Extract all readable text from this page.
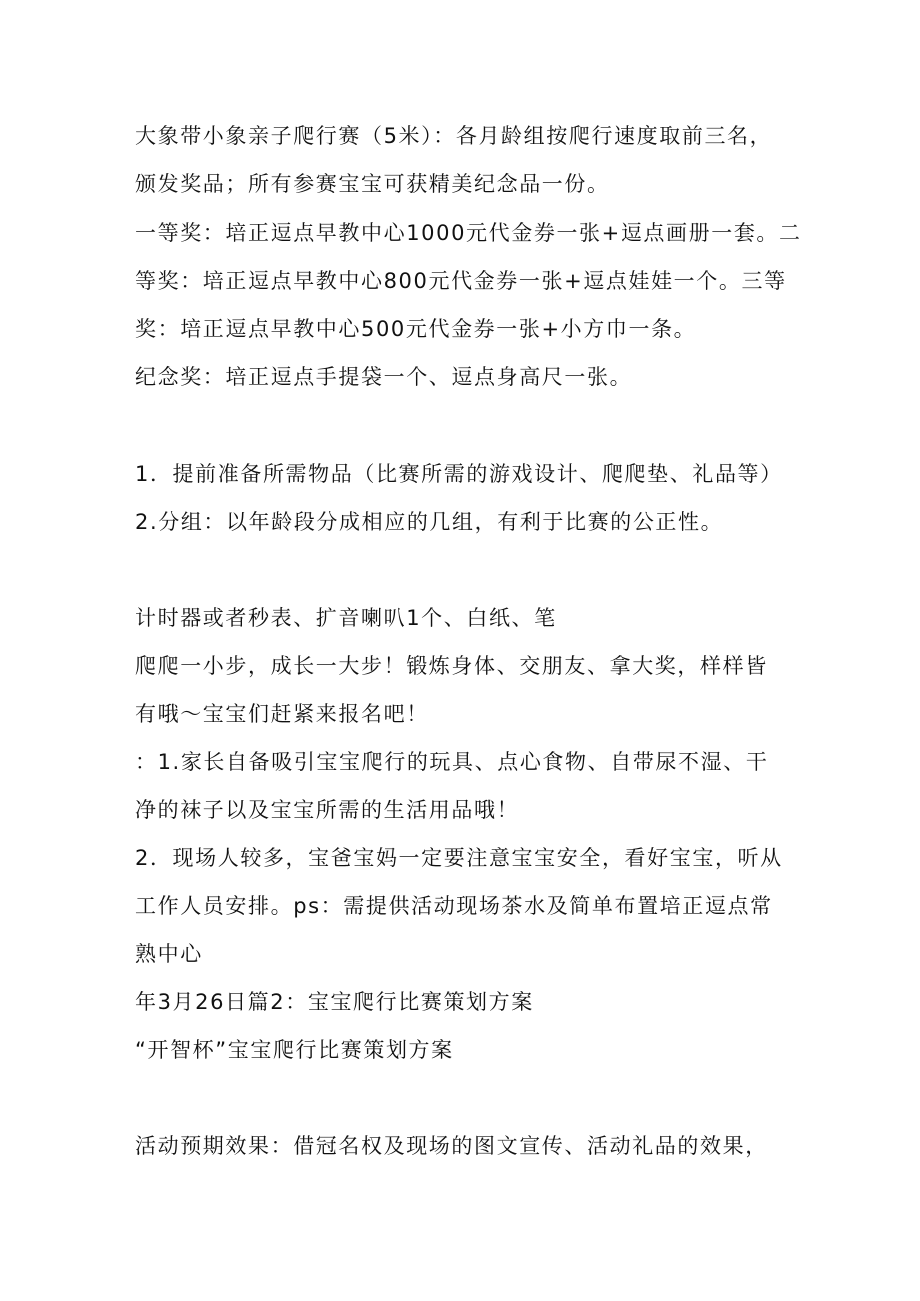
大象带小象亲子爬行赛（5米）：各月龄组按爬行速度取前三名，
颁发奖品；所有参赛宝宝可获精美纪念品一份。
一等奖：培正逗点早教中心1000元代金券一张+逗点画册一套。二
等奖：培正逗点早教中心800元代金券一张+逗点娃娃一个。三等
奖：培正逗点早教中心500元代金券一张+小方巾一条。
纪念奖：培正逗点手提袋一个、逗点身高尺一张。
1．提前准备所需物品（比赛所需的游戏设计、爬爬垫、礼品等）
2.分组：以年龄段分成相应的几组，有利于比赛的公正性。
计时器或者秒表、扩音喇叭1个、白纸、笔
爬爬一小步，成长一大步！锻炼身体、交朋友、拿大奖，样样皆
有哦～宝宝们赶紧来报名吧！
：1.家长自备吸引宝宝爬行的玩具、点心食物、自带尿不湿、干
净的袜子以及宝宝所需的生活用品哦！
2．现场人较多，宝爸宝妈一定要注意宝宝安全，看好宝宝，听从
工作人员安排。ps：需提供活动现场茶水及简单布置培正逗点常
熟中心
年3月26日篇2：宝宝爬行比赛策划方案
“开智杯”宝宝爬行比赛策划方案
活动预期效果：借冠名权及现场的图文宣传、活动礼品的效果，
